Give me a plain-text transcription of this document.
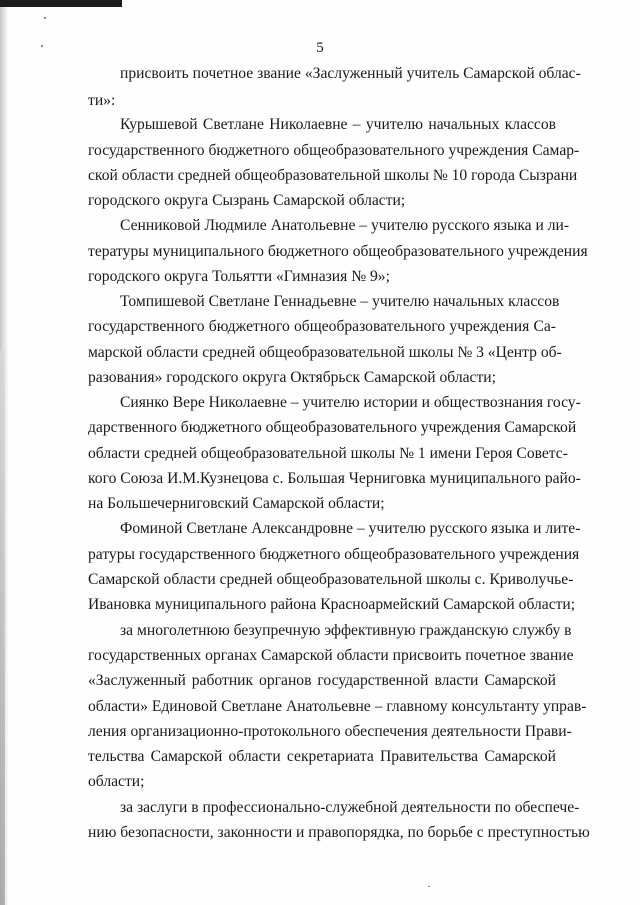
5
присвоить почетное звание «Заслуженный учитель Самарской облас-
ти»:
Курышевой Светлане Николаевне – учителю начальных классов
государственного бюджетного общеобразовательного учреждения Самар-
ской области средней общеобразовательной школы № 10 города Сызрани
городского округа Сызрань Самарской области;
Сенниковой Людмиле Анатольевне – учителю русского языка и ли-
тературы муниципального бюджетного общеобразовательного учреждения
городского округа Тольятти «Гимназия № 9»;
Томпишевой Светлане Геннадьевне – учителю начальных классов
государственного бюджетного общеобразовательного учреждения Са-
марской области средней общеобразовательной школы № 3 «Центр об-
разования» городского округа Октябрьск Самарской области;
Сиянко Вере Николаевне – учителю истории и обществознания госу-
дарственного бюджетного общеобразовательного учреждения Самарской
области средней общеобразовательной школы № 1 имени Героя Советс-
кого Союза И.М.Кузнецова с. Большая Черниговка муниципального райо-
на Большечерниговский Самарской области;
Фоминой Светлане Александровне – учителю русского языка и лите-
ратуры государственного бюджетного общеобразовательного учреждения
Самарской области средней общеобразовательной школы с. Криволучье-
Ивановка муниципального района Красноармейский Самарской области;
за многолетнюю безупречную эффективную гражданскую службу в
государственных органах Самарской области присвоить почетное звание
«Заслуженный работник органов государственной власти Самарской
области» Единовой Светлане Анатольевне – главному консультанту управ-
ления организационно-протокольного обеспечения деятельности Прави-
тельства Самарской области секретариата Правительства Самарской
области;
за заслуги в профессионально-служебной деятельности по обеспече-
нию безопасности, законности и правопорядка, по борьбе с преступностью
